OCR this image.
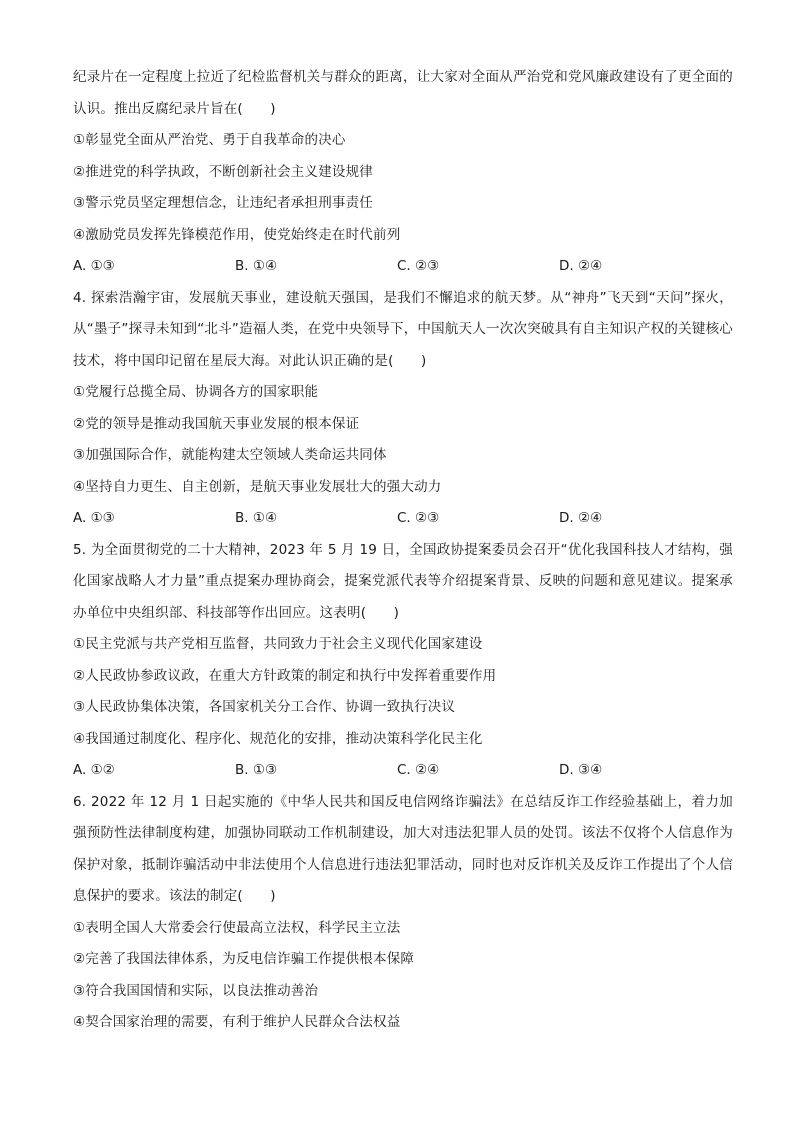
纪录片在一定程度上拉近了纪检监督机关与群众的距离，让大家对全面从严治党和党风廉政建设有了更全面的认识。推出反腐纪录片旨在(　　)

①彰显党全面从严治党、勇于自我革命的决心

②推进党的科学执政，不断创新社会主义建设规律

③警示党员坚定理想信念，让违纪者承担刑事责任

④激励党员发挥先锋模范作用，使党始终走在时代前列

A. ①③	B. ①④	C. ②③	D. ②④

4. 探索浩瀚宇宙，发展航天事业，建设航天强国，是我们不懈追求的航天梦。从“神舟”飞天到“天问”探火，从“墨子”探寻未知到“北斗”造福人类，在党中央领导下，中国航天人一次次突破具有自主知识产权的关键核心技术，将中国印记留在星辰大海。对此认识正确的是(　　)

①党履行总揽全局、协调各方的国家职能

②党的领导是推动我国航天事业发展的根本保证

③加强国际合作，就能构建太空领域人类命运共同体

④坚持自力更生、自主创新，是航天事业发展壮大的强大动力

A. ①③	B. ①④	C. ②③	D. ②④

5. 为全面贯彻党的二十大精神，2023 年 5 月 19 日，全国政协提案委员会召开“优化我国科技人才结构，强化国家战略人才力量”重点提案办理协商会，提案党派代表等介绍提案背景、反映的问题和意见建议。提案承办单位中央组织部、科技部等作出回应。这表明(　　)

①民主党派与共产党相互监督，共同致力于社会主义现代化国家建设

②人民政协参政议政，在重大方针政策的制定和执行中发挥着重要作用

③人民政协集体决策，各国家机关分工合作、协调一致执行决议

④我国通过制度化、程序化、规范化的安排，推动决策科学化民主化

A. ①②	B. ①③	C. ②④	D. ③④

6. 2022 年 12 月 1 日起实施的《中华人民共和国反电信网络诈骗法》在总结反诈工作经验基础上，着力加强预防性法律制度构建，加强协同联动工作机制建设，加大对违法犯罪人员的处罚。该法不仅将个人信息作为保护对象，抵制诈骗活动中非法使用个人信息进行违法犯罪活动，同时也对反诈机关及反诈工作提出了个人信息保护的要求。该法的制定(　　)

①表明全国人大常委会行使最高立法权，科学民主立法

②完善了我国法律体系，为反电信诈骗工作提供根本保障

③符合我国国情和实际，以良法推动善治

④契合国家治理的需要，有利于维护人民群众合法权益
